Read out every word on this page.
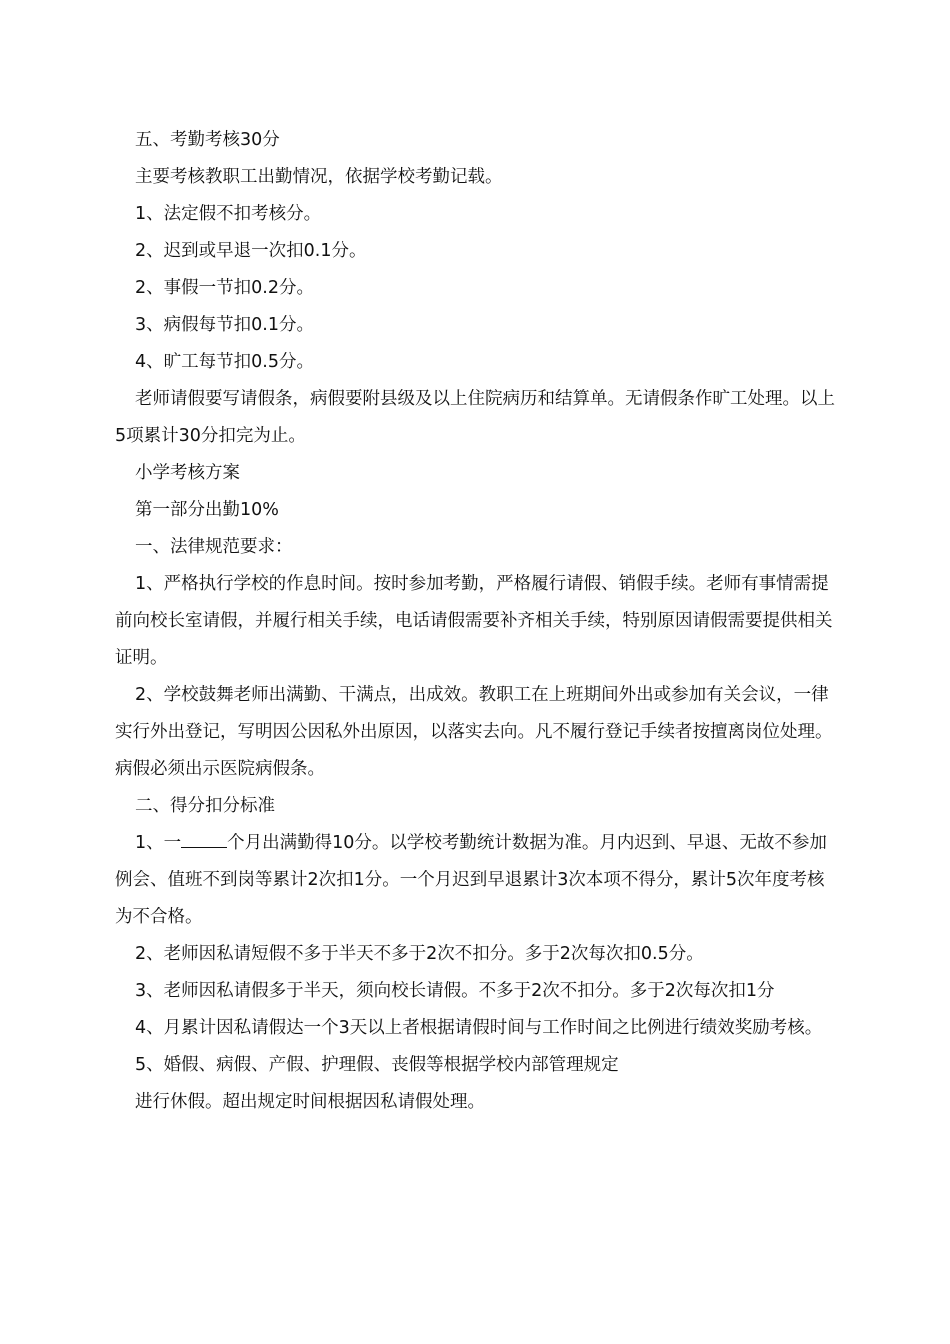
五、考勤考核30分

主要考核教职工出勤情况，依据学校考勤记载。

1、法定假不扣考核分。

2、迟到或早退一次扣0.1分。

2、事假一节扣0.2分。

3、病假每节扣0.1分。

4、旷工每节扣0.5分。

老师请假要写请假条，病假要附县级及以上住院病历和结算单。无请假条作旷工处理。以上5项累计30分扣完为止。

小学考核方案

第一部分出勤10%

一、法律规范要求：

1、严格执行学校的作息时间。按时参加考勤，严格履行请假、销假手续。老师有事情需提前向校长室请假，并履行相关手续，电话请假需要补齐相关手续，特别原因请假需要提供相关证明。

2、学校鼓舞老师出满勤、干满点，出成效。教职工在上班期间外出或参加有关会议，一律实行外出登记，写明因公因私外出原因，以落实去向。凡不履行登记手续者按擅离岗位处理。病假必须出示医院病假条。

二、得分扣分标准

1、一	个月出满勤得10分。以学校考勤统计数据为准。月内迟到、早退、无故不参加例会、值班不到岗等累计2次扣1分。一个月迟到早退累计3次本项不得分，累计5次年度考核为不合格。

2、老师因私请短假不多于半天不多于2次不扣分。多于2次每次扣0.5分。

3、老师因私请假多于半天，须向校长请假。不多于2次不扣分。多于2次每次扣1分

4、月累计因私请假达一个3天以上者根据请假时间与工作时间之比例进行绩效奖励考核。

5、婚假、病假、产假、护理假、丧假等根据学校内部管理规定

进行休假。超出规定时间根据因私请假处理。
